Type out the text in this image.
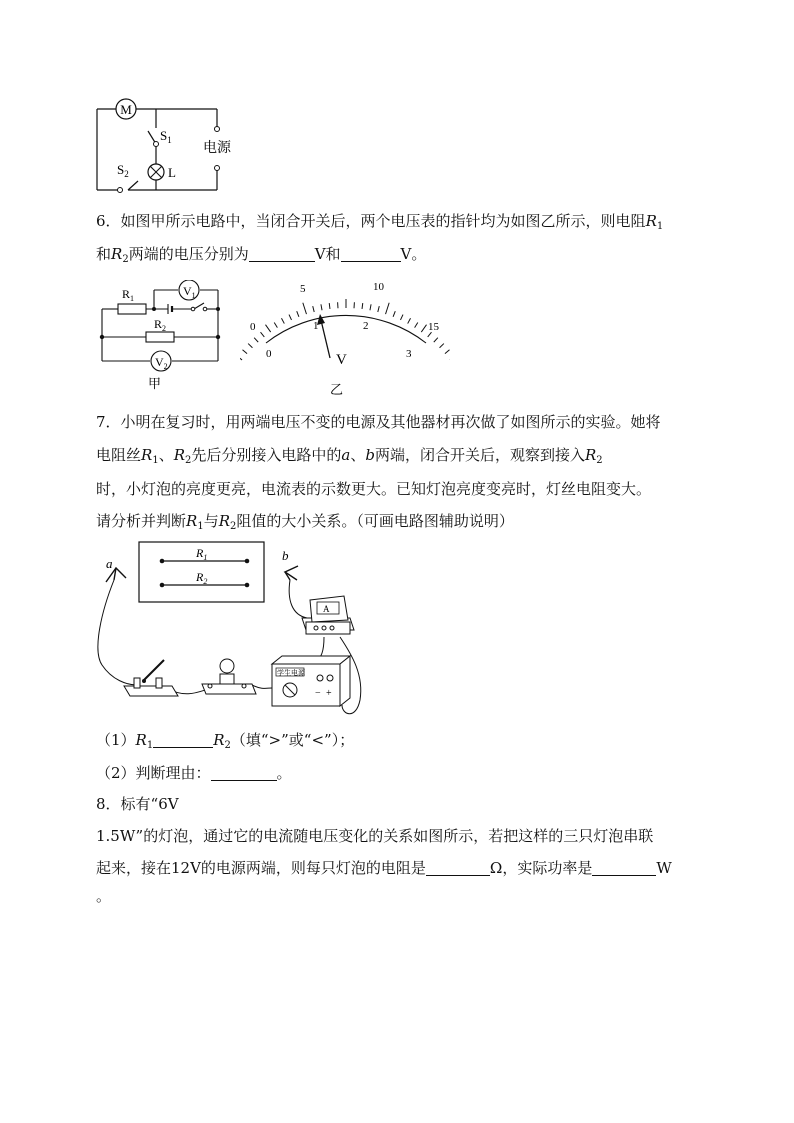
M
$S_1$
$S_2$	L
电源
6．如图甲所示电路中，当闭合开关后，两个电压表的指针均为如图乙所示，则电阻$R_1$
和$R_2$两端的电压分别为	V和	V。
$V_1$
$V_2$
$R_1$
$R_2$
甲
0
5	10
15
0
1	2
3
V
乙
7．小明在复习时，用两端电压不变的电源及其他器材再次做了如图所示的实验。她将
电阻丝$R_1$、$R_2$先后分别接入电路中的a、b两端，闭合开关后，观察到接入$R_2$
时，小灯泡的亮度更亮，电流表的示数更大。已知灯泡亮度变亮时，灯丝电阻变大。
请分析并判断$R_1$与$R_2$阻值的大小关系。（可画电路图辅助说明）
$R_1$
$R_2$
a
b
A
学生电源
− +
$(1)R_1$	$R_2$（填“>”或“<”）；
（2）判断理由：	。
8．标有“6V
1.5W”的灯泡，通过它的电流随电压变化的关系如图所示，若把这样的三只灯泡串联
起来，接在12V的电源两端，则每只灯泡的电阻是	Ω，实际功率是	W
。
